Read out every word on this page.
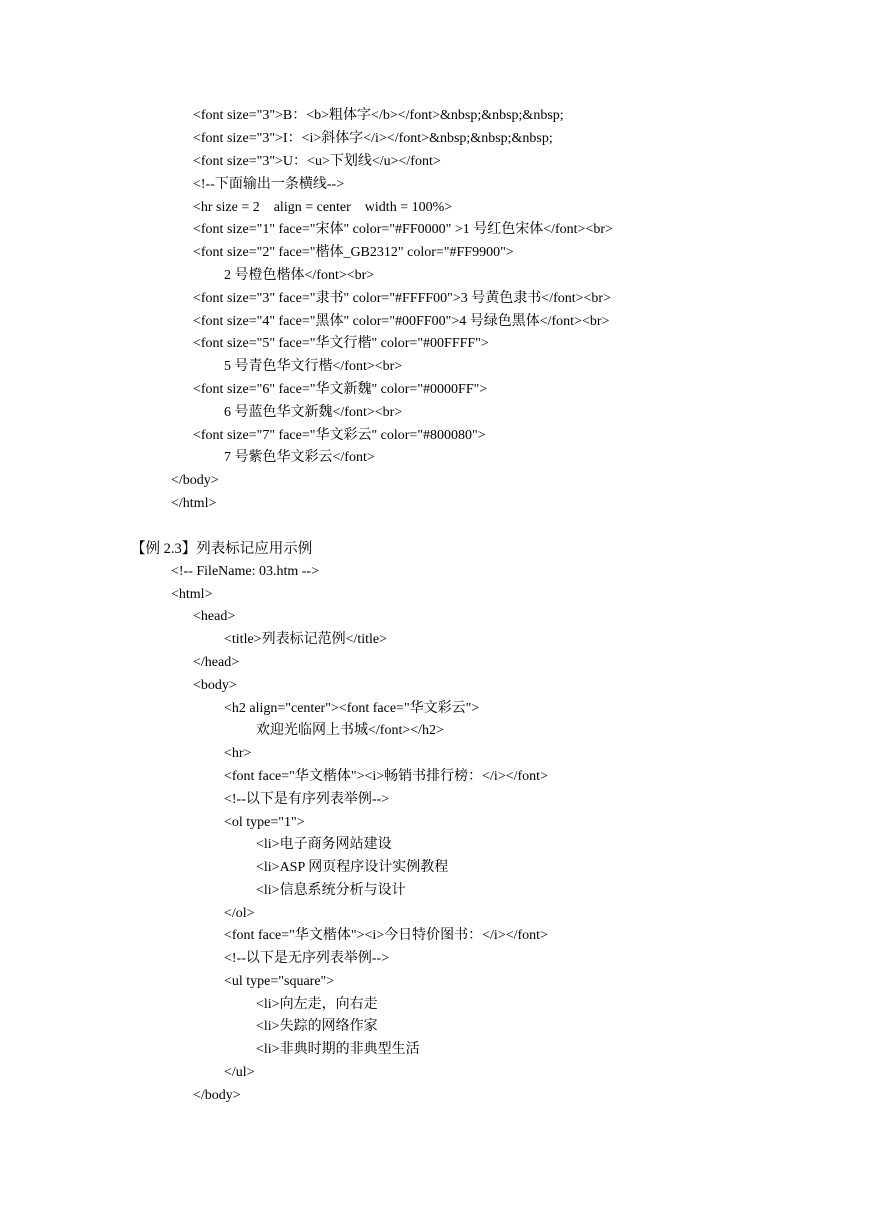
<font size="3">B：<b>粗体字</b></font>&nbsp;&nbsp;&nbsp;
<font size="3">I：<i>斜体字</i></font>&nbsp;&nbsp;&nbsp;
<font size="3">U：<u>下划线</u></font>
<!--下面输出一条横线-->
<hr size = 2    align = center    width = 100%>
<font size="1" face="宋体" color="#FF0000" >1 号红色宋体</font><br>
<font size="2" face="楷体_GB2312" color="#FF9900">
2 号橙色楷体</font><br>
<font size="3" face="隶书" color="#FFFF00">3 号黄色隶书</font><br>
<font size="4" face="黑体" color="#00FF00">4 号绿色黑体</font><br>
<font size="5" face="华文行楷" color="#00FFFF">
5 号青色华文行楷</font><br>
<font size="6" face="华文新魏" color="#0000FF">
6 号蓝色华文新魏</font><br>
<font size="7" face="华文彩云" color="#800080">
7 号紫色华文彩云</font>
</body>
</html>
【例 2.3】列表标记应用示例
<!-- FileName: 03.htm -->
<html>
<head>
<title>列表标记范例</title>
</head>
<body>
<h2 align="center"><font face="华文彩云">
欢迎光临网上书城</font></h2>
<hr>
<font face="华文楷体"><i>畅销书排行榜：</i></font>
<!--以下是有序列表举例-->
<ol type="1">
<li>电子商务网站建设
<li>ASP 网页程序设计实例教程
<li>信息系统分析与设计
</ol>
<font face="华文楷体"><i>今日特价图书：</i></font>
<!--以下是无序列表举例-->
<ul type="square">
<li>向左走，向右走
<li>失踪的网络作家
<li>非典时期的非典型生活
</ul>
</body>
